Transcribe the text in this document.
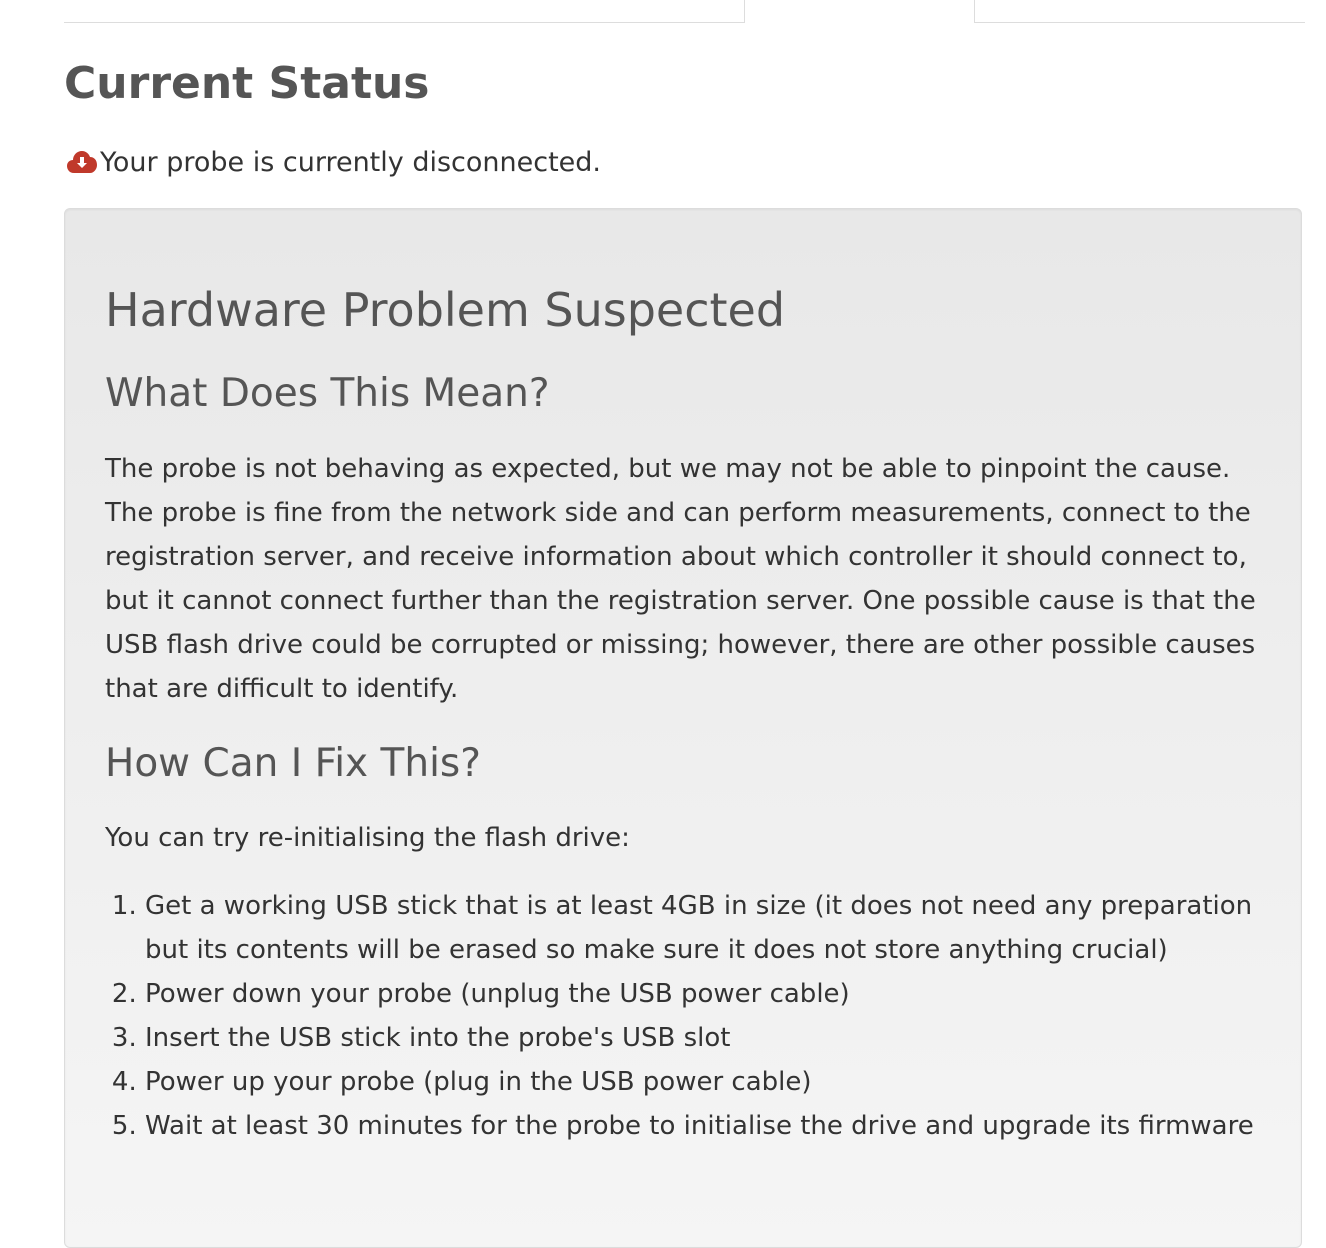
Current Status
Your probe is currently disconnected.
Hardware Problem Suspected
What Does This Mean?

The probe is not behaving as expected, but we may not be able to pinpoint the cause. The probe is fine from the network side and can perform measurements, connect to the registration server, and receive information about which controller it should connect to, but it cannot connect further than the registration server. One possible cause is that the USB flash drive could be corrupted or missing; however, there are other possible causes that are difficult to identify.

How Can I Fix This?

You can try re-initialising the flash drive:

1. Get a working USB stick that is at least 4GB in size (it does not need any preparation but its contents will be erased so make sure it does not store anything crucial)
2. Power down your probe (unplug the USB power cable)
3. Insert the USB stick into the probe's USB slot
4. Power up your probe (plug in the USB power cable)
5. Wait at least 30 minutes for the probe to initialise the drive and upgrade its firmware
